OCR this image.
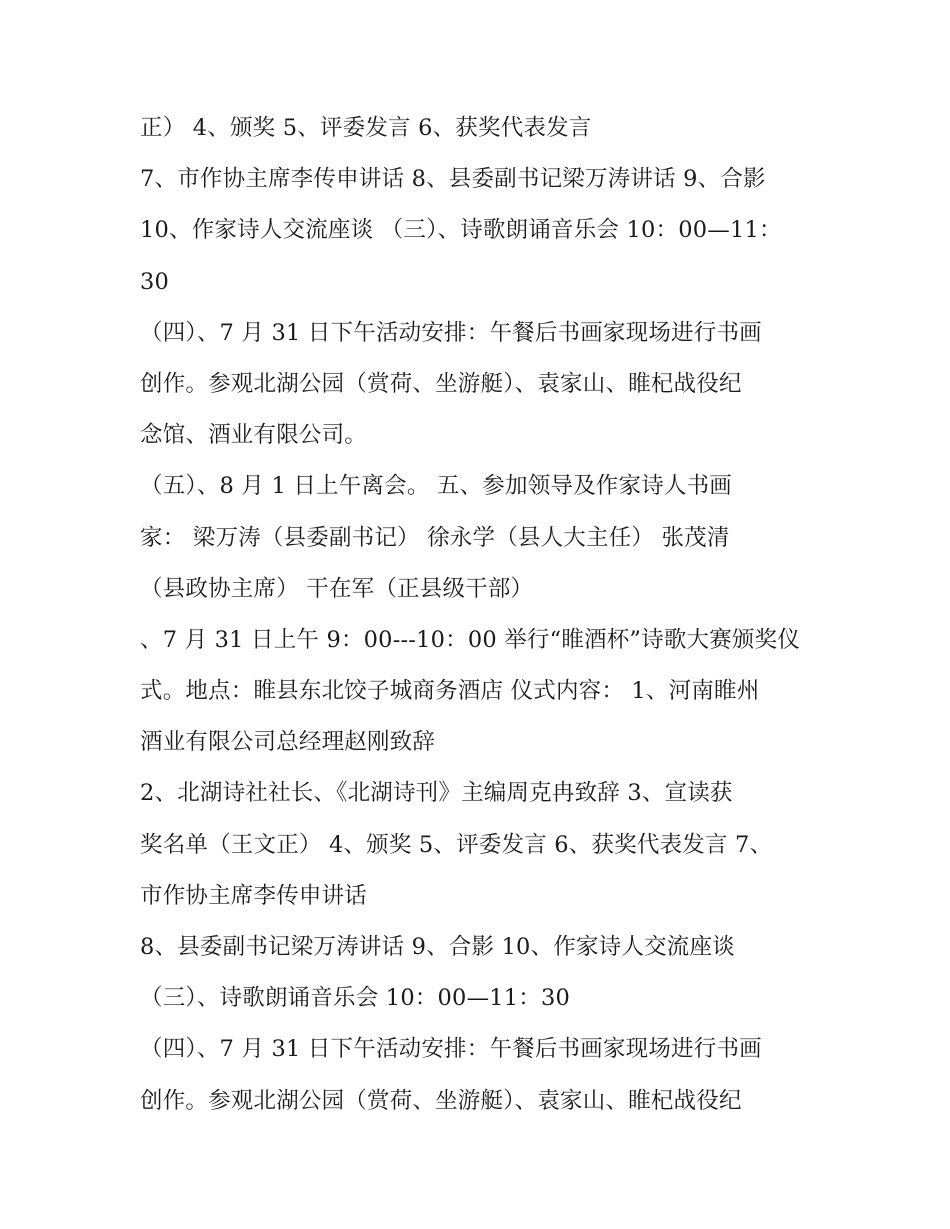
正） 4、颁奖 5、评委发言 6、获奖代表发言
7、市作协主席李传申讲话 8、县委副书记梁万涛讲话 9、合影
10、作家诗人交流座谈 （三）、诗歌朗诵音乐会 10：00—11：
30
（四）、7 月 31 日下午活动安排：午餐后书画家现场进行书画
创作。参观北湖公园（赏荷、坐游艇）、袁家山、睢杞战役纪
念馆、酒业有限公司。
（五）、8 月 1 日上午离会。 五、参加领导及作家诗人书画
家： 梁万涛（县委副书记） 徐永学（县人大主任） 张茂清
（县政协主席） 干在军（正县级干部）
、7 月 31 日上午 9：00---10：00 举行“睢酒杯”诗歌大赛颁奖仪
式。地点：睢县东北饺子城商务酒店 仪式内容： 1、河南睢州
酒业有限公司总经理赵刚致辞
2、北湖诗社社长、《北湖诗刊》主编周克冉致辞 3、宣读获
奖名单（王文正） 4、颁奖 5、评委发言 6、获奖代表发言 7、
市作协主席李传申讲话
8、县委副书记梁万涛讲话 9、合影 10、作家诗人交流座谈
（三）、诗歌朗诵音乐会 10：00—11：30
（四）、7 月 31 日下午活动安排：午餐后书画家现场进行书画
创作。参观北湖公园（赏荷、坐游艇）、袁家山、睢杞战役纪
